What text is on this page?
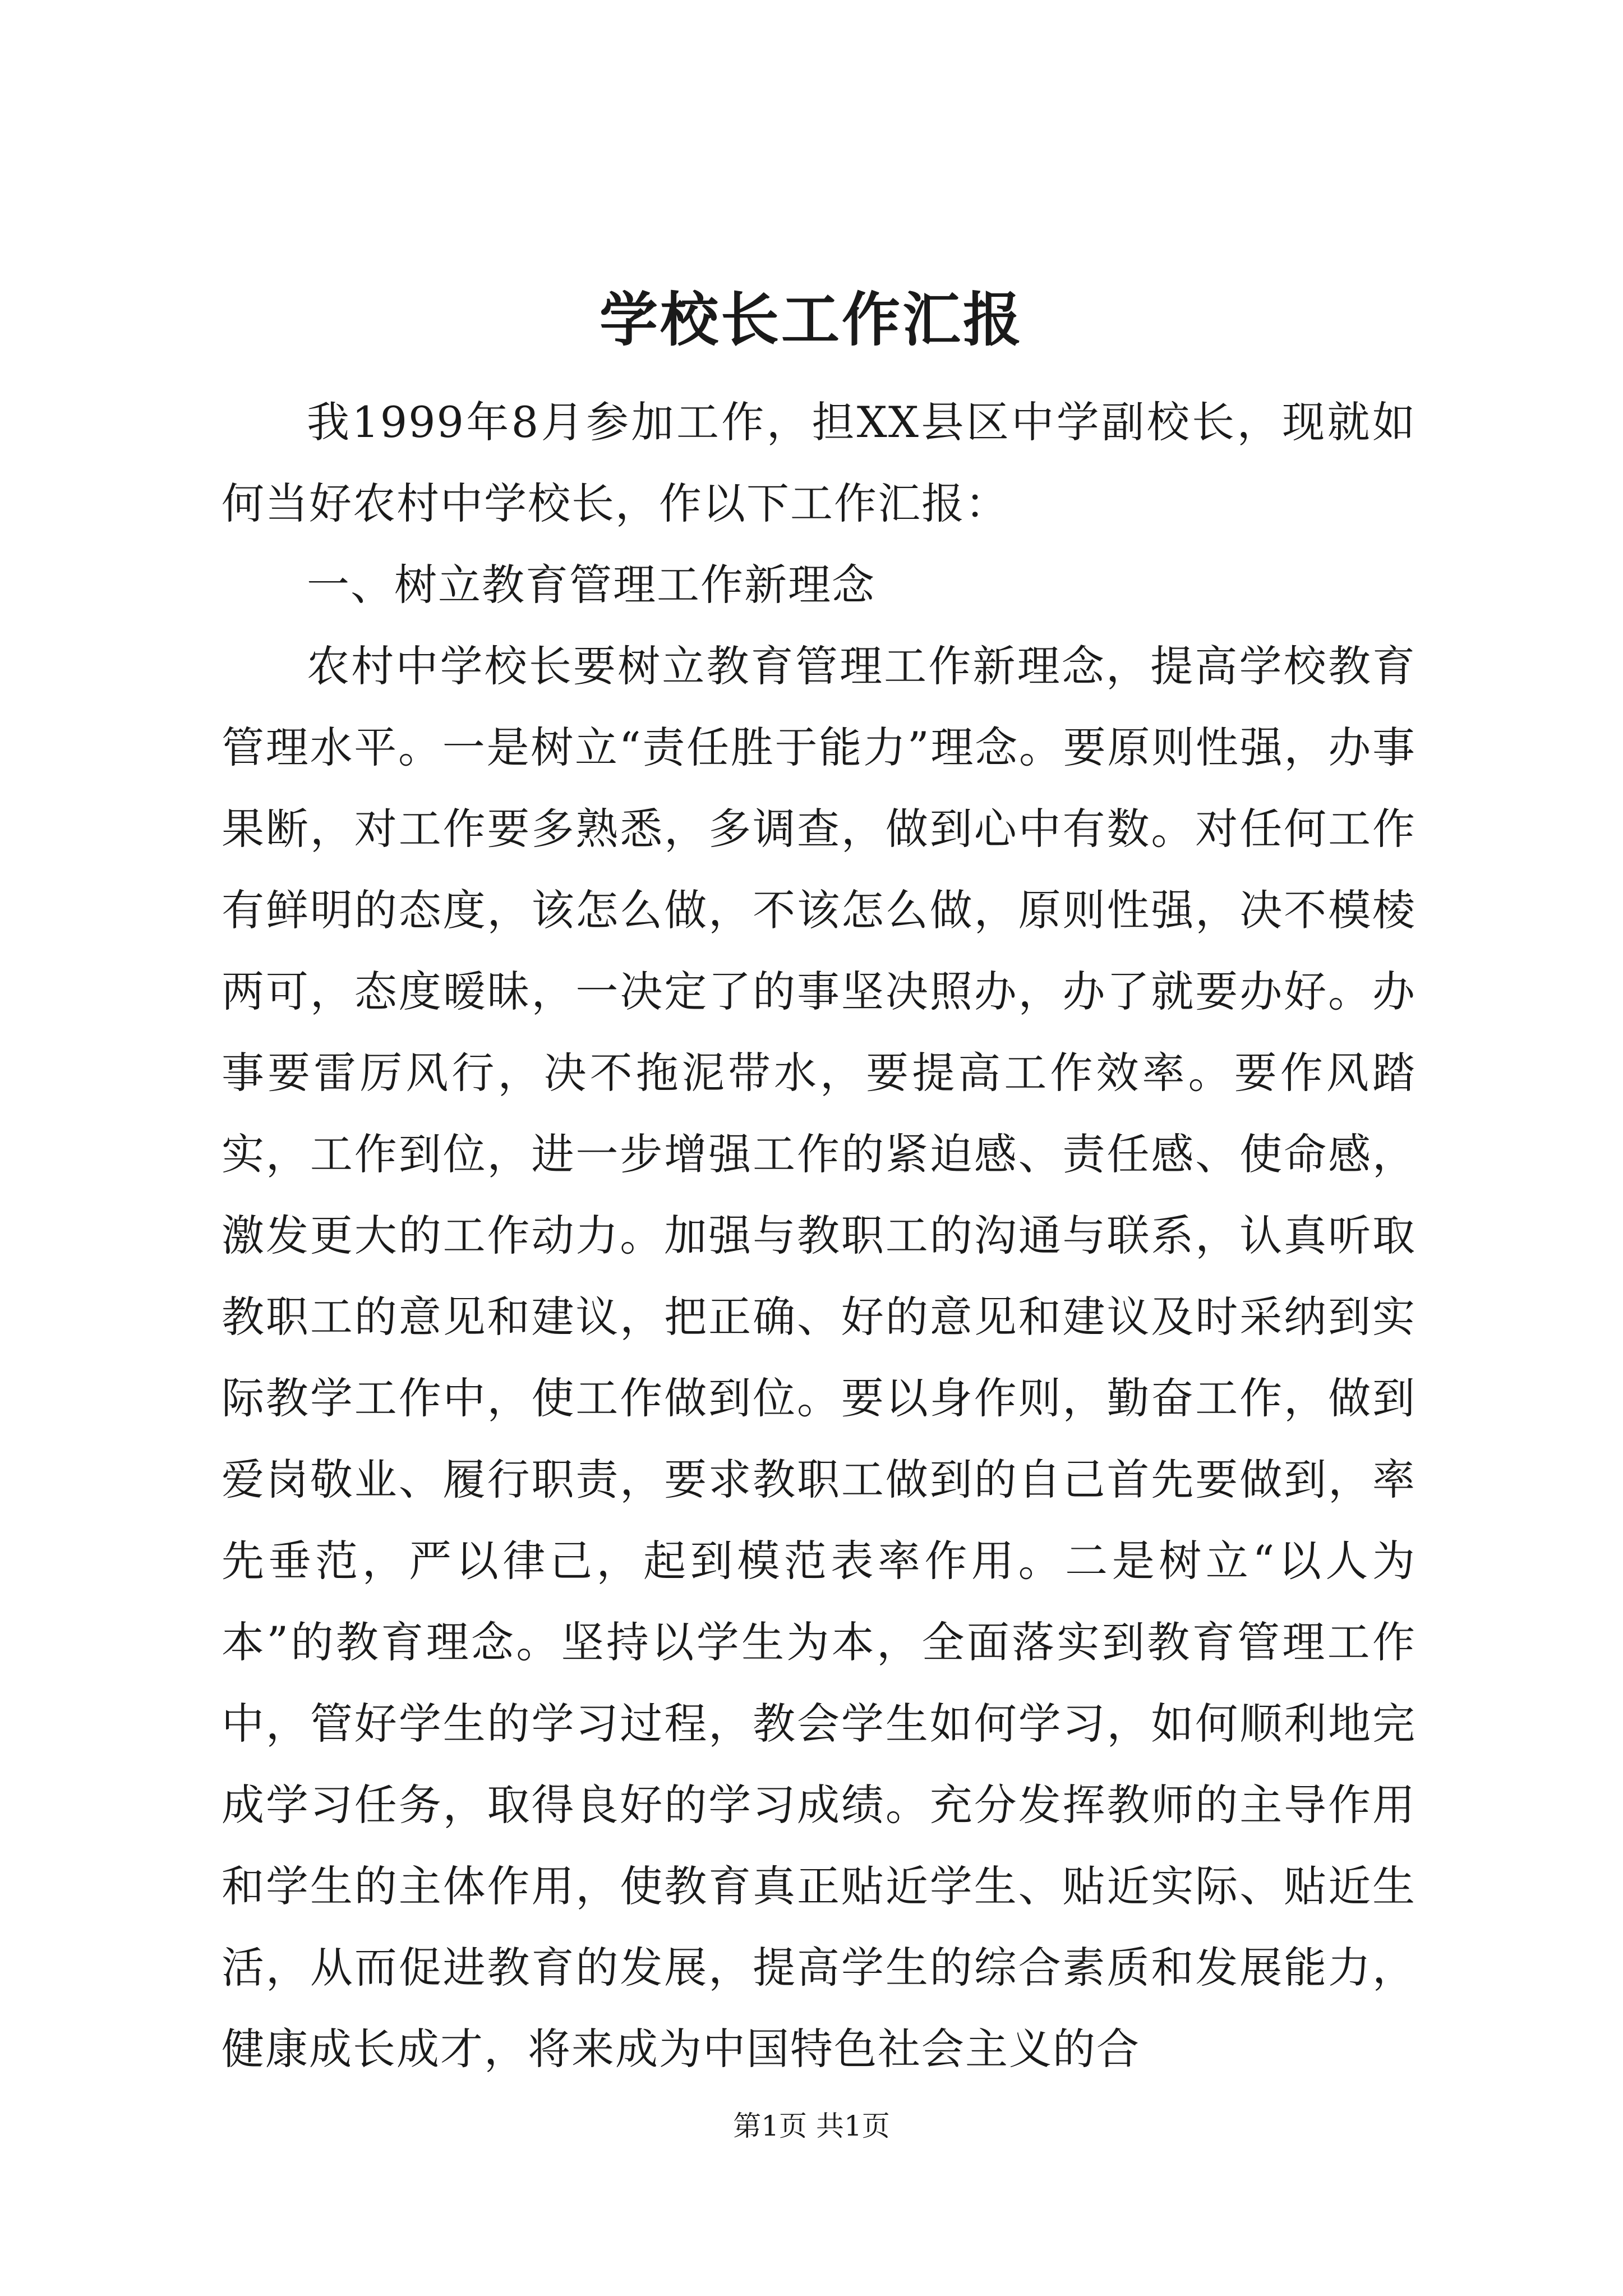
学校长工作汇报

我1999年8月参加工作，担XX县区中学副校长，现就如何当好农村中学校长，作以下工作汇报：

一、树立教育管理工作新理念

农村中学校长要树立教育管理工作新理念，提高学校教育管理水平。一是树立“责任胜于能力”理念。要原则性强，办事果断，对工作要多熟悉，多调查，做到心中有数。对任何工作有鲜明的态度，该怎么做，不该怎么做，原则性强，决不模棱两可，态度暧昧，一决定了的事坚决照办，办了就要办好。办事要雷厉风行，决不拖泥带水，要提高工作效率。要作风踏实，工作到位，进一步增强工作的紧迫感、责任感、使命感，激发更大的工作动力。加强与教职工的沟通与联系，认真听取教职工的意见和建议，把正确、好的意见和建议及时采纳到实际教学工作中，使工作做到位。要以身作则，勤奋工作，做到爱岗敬业、履行职责，要求教职工做到的自己首先要做到，率先垂范，严以律己，起到模范表率作用。二是树立“以人为本”的教育理念。坚持以学生为本，全面落实到教育管理工作中，管好学生的学习过程，教会学生如何学习，如何顺利地完成学习任务，取得良好的学习成绩。充分发挥教师的主导作用和学生的主体作用，使教育真正贴近学生、贴近实际、贴近生活，从而促进教育的发展，提高学生的综合素质和发展能力，健康成长成才，将来成为中国特色社会主义的合

第1页 共1页
